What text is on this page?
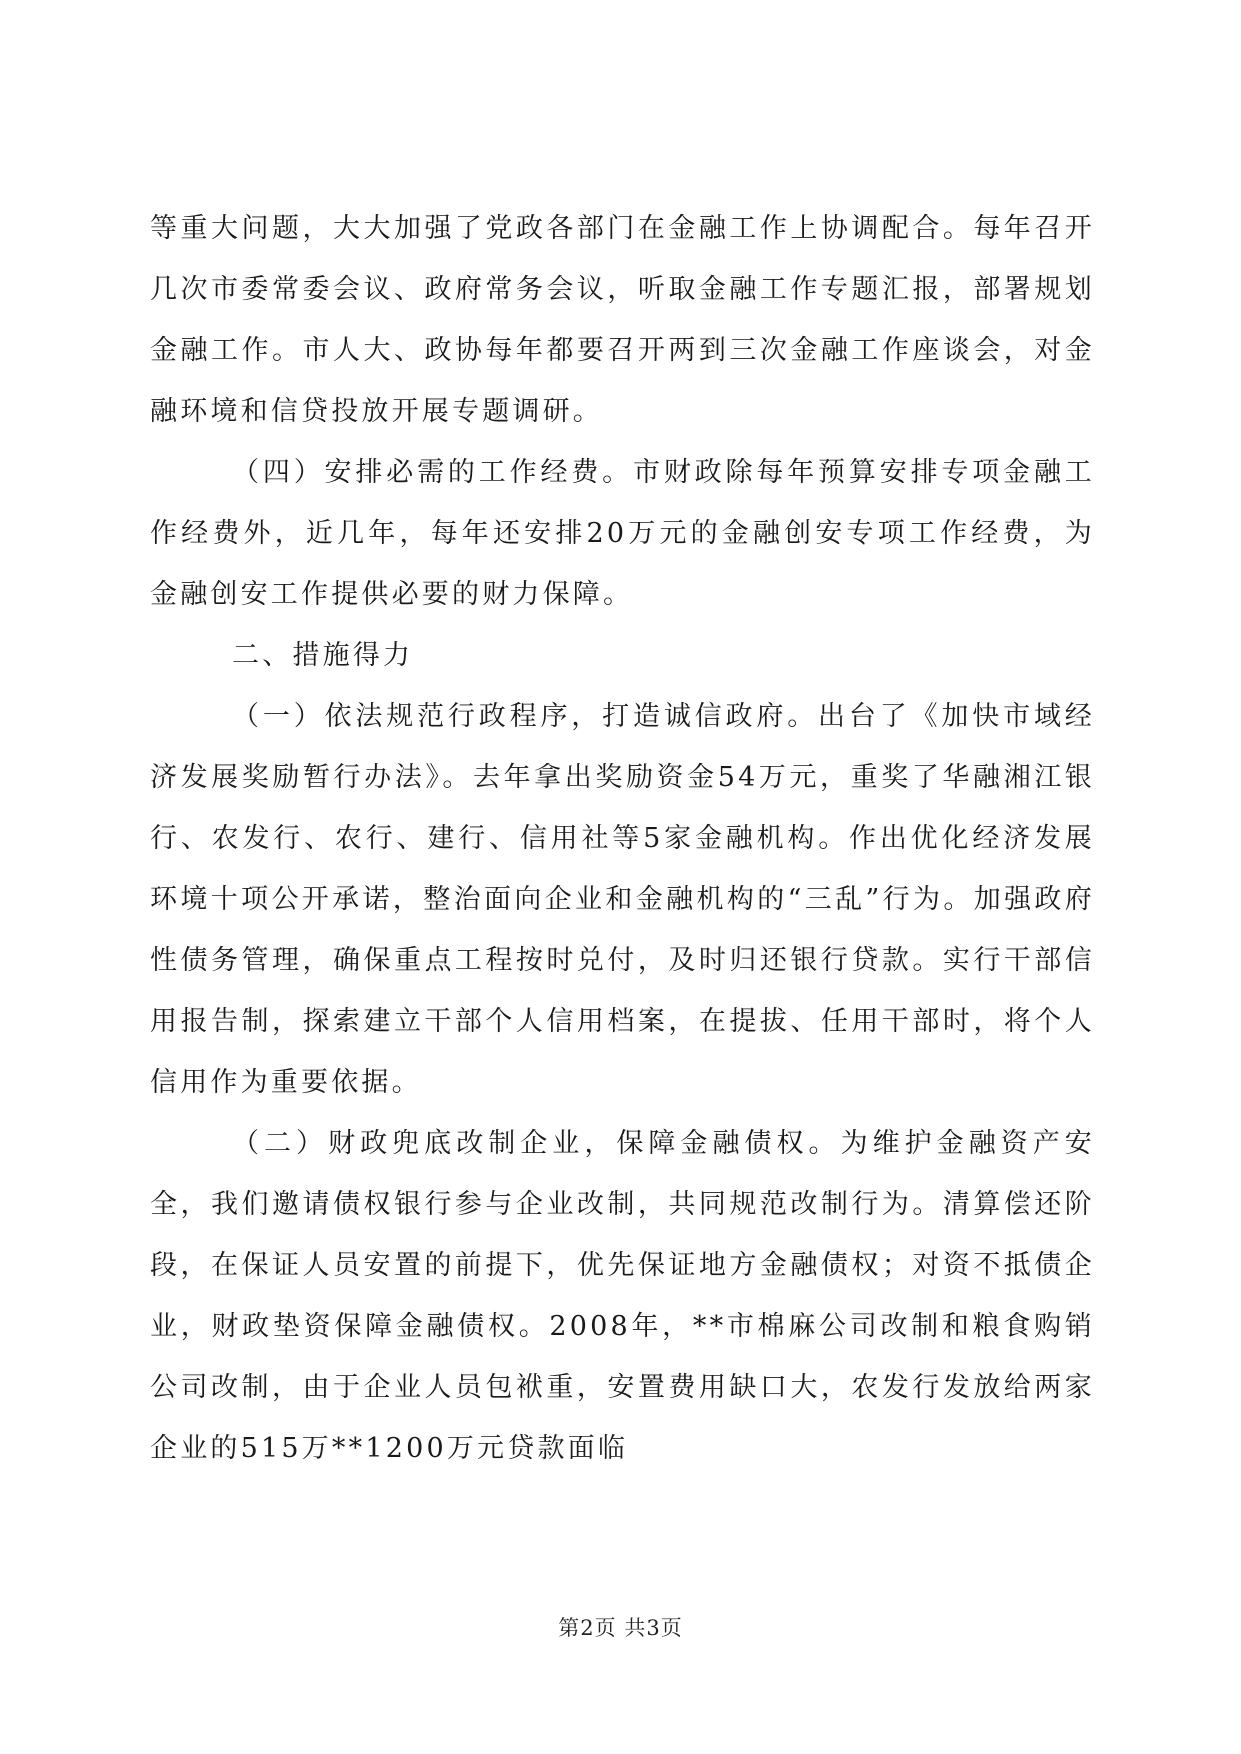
等重大问题，大大加强了党政各部门在金融工作上协调配合。每年召开几次市委常委会议、政府常务会议，听取金融工作专题汇报，部署规划金融工作。市人大、政协每年都要召开两到三次金融工作座谈会，对金融环境和信贷投放开展专题调研。

（四）安排必需的工作经费。市财政除每年预算安排专项金融工作经费外，近几年，每年还安排20万元的金融创安专项工作经费，为金融创安工作提供必要的财力保障。

二、措施得力

（一）依法规范行政程序，打造诚信政府。出台了《加快市域经济发展奖励暂行办法》。去年拿出奖励资金54万元，重奖了华融湘江银行、农发行、农行、建行、信用社等5家金融机构。作出优化经济发展环境十项公开承诺，整治面向企业和金融机构的“三乱”行为。加强政府性债务管理，确保重点工程按时兑付，及时归还银行贷款。实行干部信用报告制，探索建立干部个人信用档案，在提拔、任用干部时，将个人信用作为重要依据。

（二）财政兜底改制企业，保障金融债权。为维护金融资产安全，我们邀请债权银行参与企业改制，共同规范改制行为。清算偿还阶段，在保证人员安置的前提下，优先保证地方金融债权；对资不抵债企业，财政垫资保障金融债权。2008年，**市棉麻公司改制和粮食购销公司改制，由于企业人员包袱重，安置费用缺口大，农发行发放给两家企业的515万**1200万元贷款面临

第2页 共3页
